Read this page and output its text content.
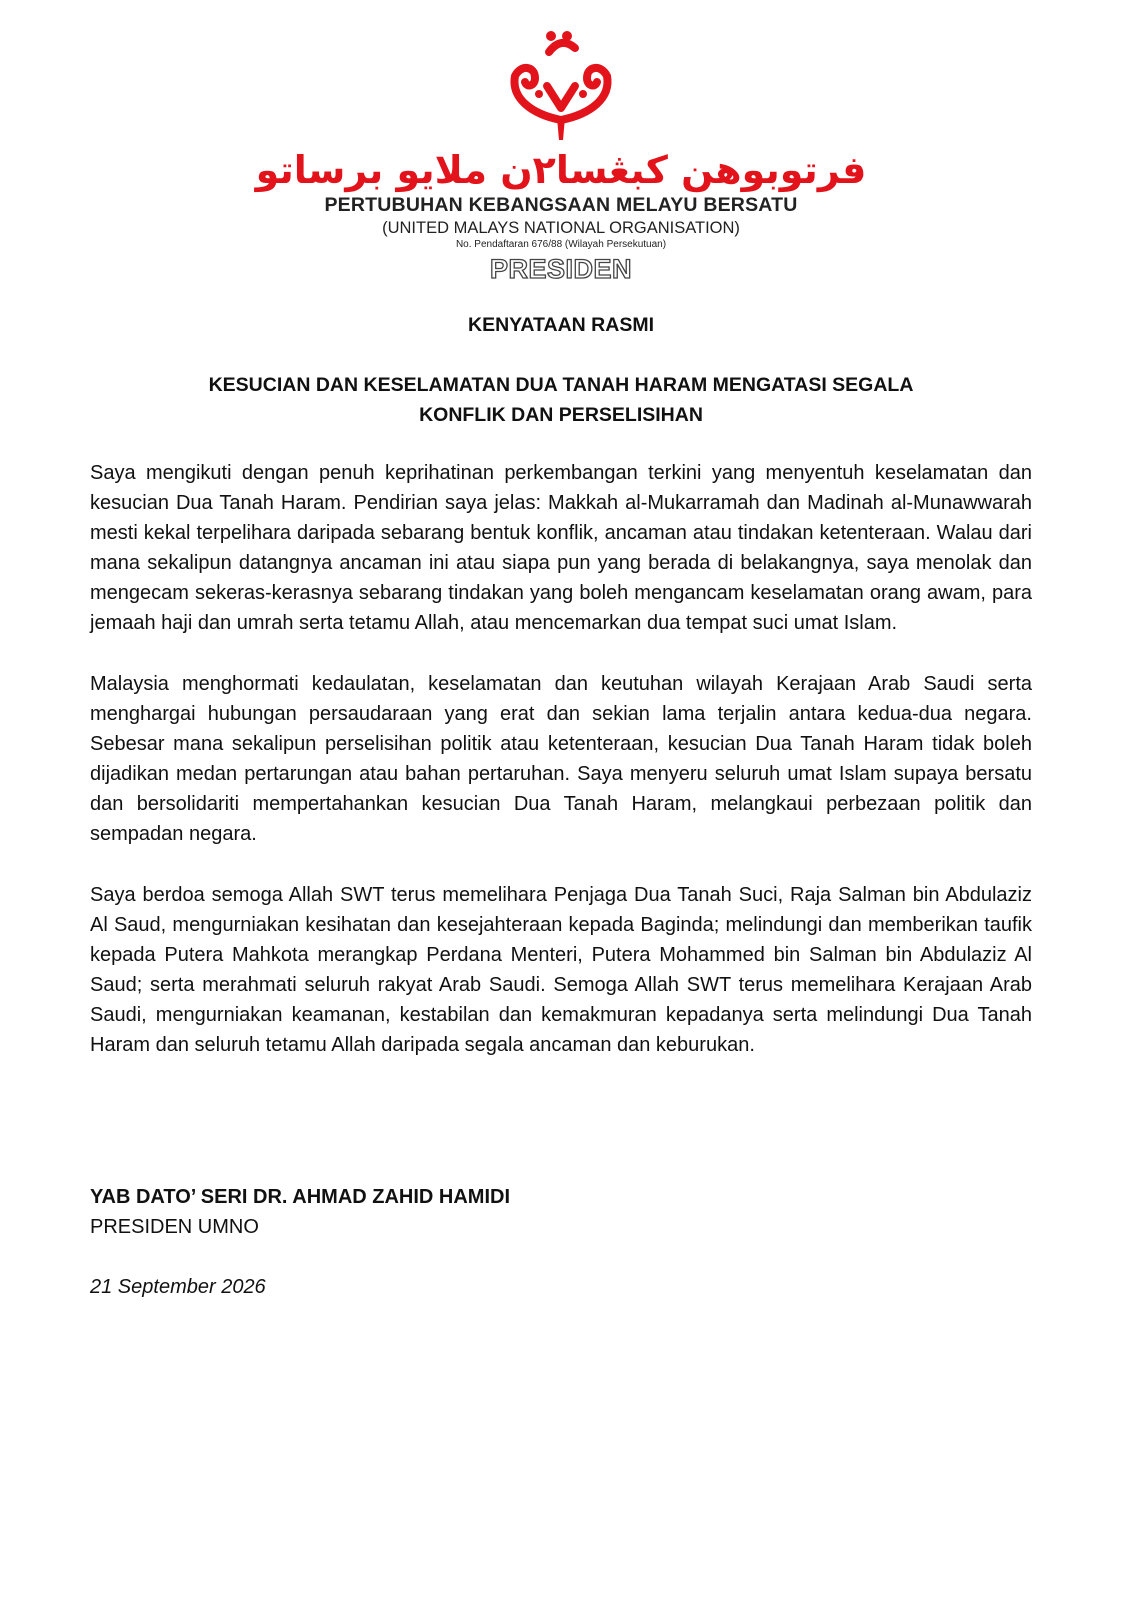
فرتوبوهن كبڠسا٢ن ملايو برساتو
PERTUBUHAN KEBANGSAAN MELAYU BERSATU
(UNITED MALAYS NATIONAL ORGANISATION)
No. Pendaftaran 676/88 (Wilayah Persekutuan)
PRESIDEN
KENYATAAN RASMI
KESUCIAN DAN KESELAMATAN DUA TANAH HARAM MENGATASI SEGALA
KONFLIK DAN PERSELISIHAN

Saya mengikuti dengan penuh keprihatinan perkembangan terkini yang menyentuh keselamatan dan kesucian Dua Tanah Haram. Pendirian saya jelas: Makkah al-Mukarramah dan Madinah al-Munawwarah mesti kekal terpelihara daripada sebarang bentuk konflik, ancaman atau tindakan ketenteraan. Walau dari mana sekalipun datangnya ancaman ini atau siapa pun yang berada di belakangnya, saya menolak dan mengecam sekeras-kerasnya sebarang tindakan yang boleh mengancam keselamatan orang awam, para jemaah haji dan umrah serta tetamu Allah, atau mencemarkan dua tempat suci umat Islam.

Malaysia menghormati kedaulatan, keselamatan dan keutuhan wilayah Kerajaan Arab Saudi serta menghargai hubungan persaudaraan yang erat dan sekian lama terjalin antara kedua-dua negara. Sebesar mana sekalipun perselisihan politik atau ketenteraan, kesucian Dua Tanah Haram tidak boleh dijadikan medan pertarungan atau bahan pertaruhan. Saya menyeru seluruh umat Islam supaya bersatu dan bersolidariti mempertahankan kesucian Dua Tanah Haram, melangkaui perbezaan politik dan sempadan negara.

Saya berdoa semoga Allah SWT terus memelihara Penjaga Dua Tanah Suci, Raja Salman bin Abdulaziz Al Saud, mengurniakan kesihatan dan kesejahteraan kepada Baginda; melindungi dan memberikan taufik kepada Putera Mahkota merangkap Perdana Menteri, Putera Mohammed bin Salman bin Abdulaziz Al Saud; serta merahmati seluruh rakyat Arab Saudi. Semoga Allah SWT terus memelihara Kerajaan Arab Saudi, mengurniakan keamanan, kestabilan dan kemakmuran kepadanya serta melindungi Dua Tanah Haram dan seluruh tetamu Allah daripada segala ancaman dan keburukan.

YAB DATO’ SERI DR. AHMAD ZAHID HAMIDI
PRESIDEN UMNO
21 September 2026
